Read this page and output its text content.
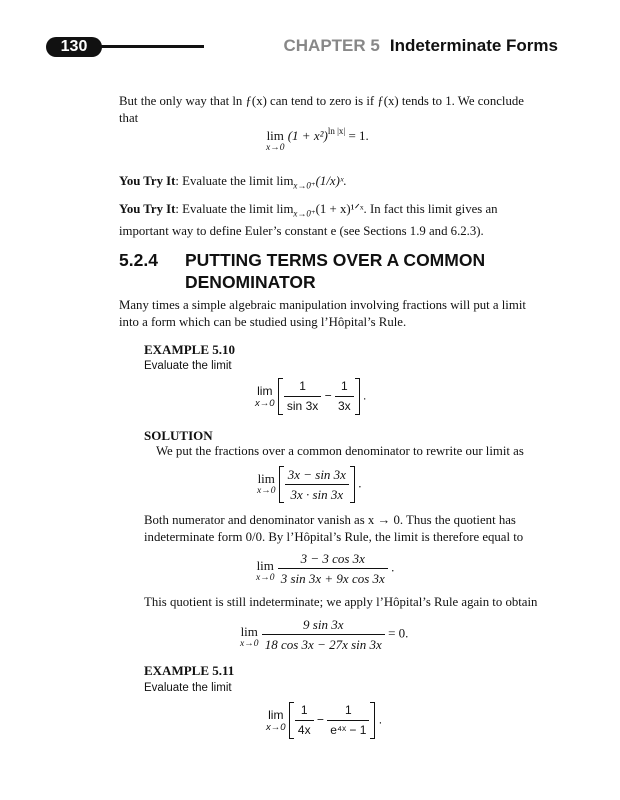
130	CHAPTER 5 Indeterminate Forms
But the only way that ln ƒ(x) can tend to zero is if ƒ(x) tends to 1. We conclude
that
lim
x→0
$(1 + x^2)^{ln |x|} = 1$.
You Try It: Evaluate the limit $\lim_{x\to 0^+}(1/x)ˣ$.
You Try It: Evaluate the limit $\lim_{x\to 0^+}(1$ + x)¹ᐟˣ. In fact this limit gives an
important way to define Euler’s constant e (see Sections 1.9 and 6.2.3).
5.2.4 PUTTING TERMS OVER A COMMON
DENOMINATOR
Many times a simple algebraic manipulation involving fractions will put a limit
into a form which can be studied using l’Hôpital’s Rule.
EXAMPLE 5.10
Evaluate the limit
lim
x→0
$\frac{1}{\sin 3x} - \frac{1}{3x}$ .
SOLUTION
We put the fractions over a common denominator to rewrite our limit as
lim
x→0
$\frac{3x - \sin 3x}{3x \cdot \sin 3x}$ .
Both numerator and denominator vanish as x → 0. Thus the quotient has
indeterminate form 0/0. By l’Hôpital’s Rule, the limit is therefore equal to
lim
x→0
$\frac{3 - 3 \cos 3x}{\text{3 sin 3x + 9x cos 3x}}$ .
This quotient is still indeterminate; we apply l’Hôpital’s Rule again to obtain
lim
x→0
$\frac{9 \sin 3x}{\text{18 cos 3x − 27x sin 3x}} = 0$.
EXAMPLE 5.11
Evaluate the limit
lim
x→0
$\frac{1}{4x} - \frac{1}{\text{e⁴ˣ − 1}}$ .
